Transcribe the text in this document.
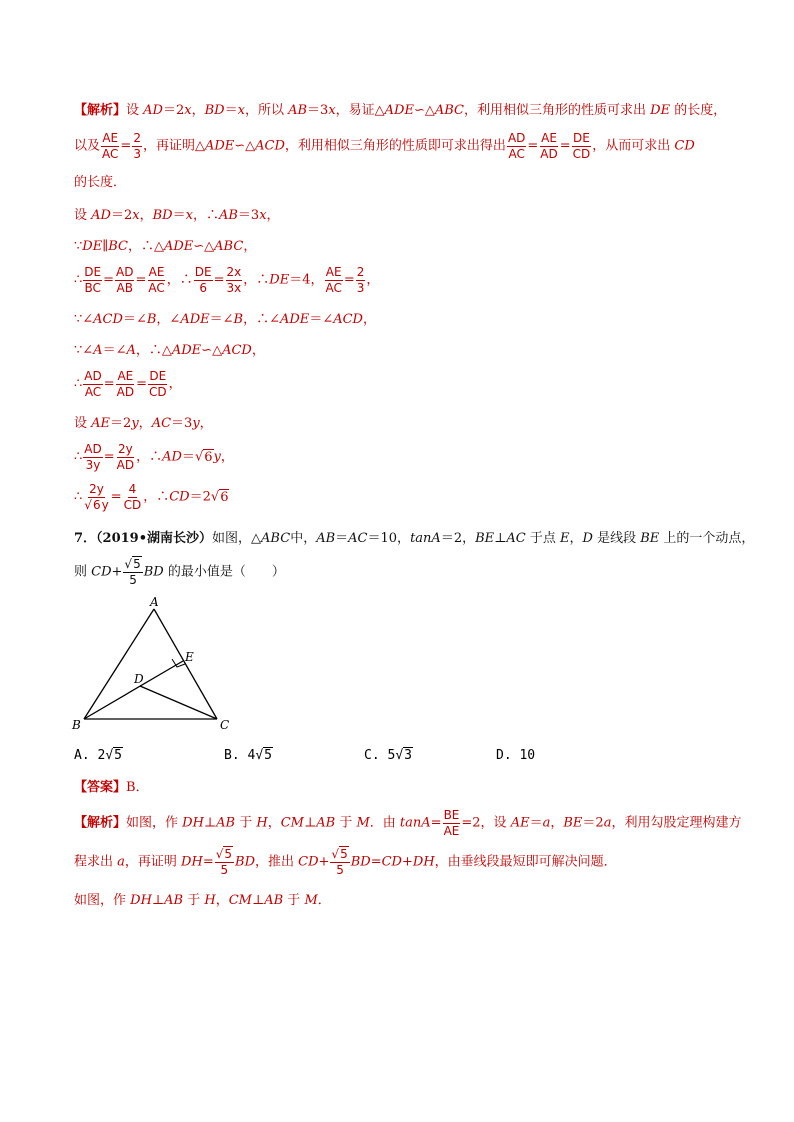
【解析】设 AD＝2x，BD＝x，所以 AB＝3x，易证△ADE∽△ABC，利用相似三角形的性质可求出 DE 的长度，
以及 $\frac{AE}{AC} = \frac{2}{3}$ ，再证明△ADE∽△ACD，利用相似三角形的性质即可求出得出 $\frac{AD}{AC} = \frac{AE}{AD} = \frac{DE}{CD}$ ，从而可求出 CD
的长度．
设 AD＝2x，BD＝x，∴AB＝3x，
∵DE∥BC，∴△ADE∽△ABC，
∴ $\frac{DE}{BC} = \frac{AD}{AB} = \frac{AE}{AC}$ ，∴ $\frac{DE}{6} = \frac{2x}{3x}$ ，∴DE＝4， $\frac{AE}{AC} = \frac{2}{3}$ ，
∵∠ACD＝∠B，∠ADE＝∠B，∴∠ADE＝∠ACD，
∵∠A＝∠A，∴△ADE∽△ACD，
∴ $\frac{AD}{AC} = \frac{AE}{AD} = \frac{DE}{CD}$ ，
设 AE＝2y，AC＝3y，
∴ $\frac{AD}{3y} = \frac{2y}{AD}$ ，∴AD＝√6y，
∴ $\frac{2y}{√6y} = \frac{4}{CD}$ ，∴CD＝2√6
7．（2019•湖南长沙）如图，△ABC中，AB＝AC＝10，tanA＝2，BE⊥AC 于点 E，D 是线段 BE 上的一个动点，
则 $CD+ \frac{√5}{5}$ BD 的最小值是（　　）
A
B	C
D
E
A. 2√5	B. 4√5	C. 5√3	D. 10
【答案】B．
【解析】如图，作 DH⊥AB 于 H，CM⊥AB 于 M．由 $\tan A= \frac{BE}{AE} =2$，设 AE＝a，BE＝2a，利用勾股定理构建方
程求出 a，再证明 $DH= \frac{√5}{5}$ BD，推出 $CD+ \frac{√5}{5} BD=CD+DH$，由垂线段最短即可解决问题．
如图，作 DH⊥AB 于 H，CM⊥AB 于 M．
